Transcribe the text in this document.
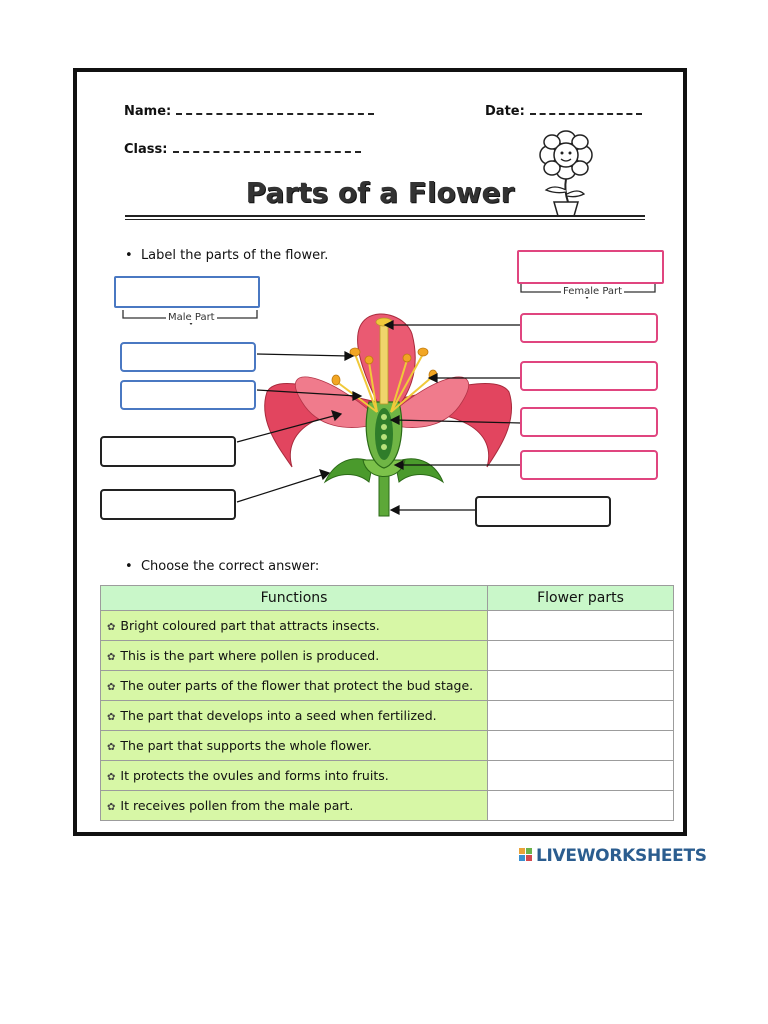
Name:	Date:
Class:
Parts of a Flower
•  Label the parts of the flower.
Male Part
Female Part
•  Choose the correct answer:
Functions	Flower parts
✿ Bright coloured part that attracts insects.	
✿ This is the part where pollen is produced.	
✿ The outer parts of the flower that protect the bud stage.	
✿ The part that develops into a seed when fertilized.	
✿ The part that supports the whole flower.	
✿ It protects the ovules and forms into fruits.	
✿ It receives pollen from the male part.	
LIVEWORKSHEETS
